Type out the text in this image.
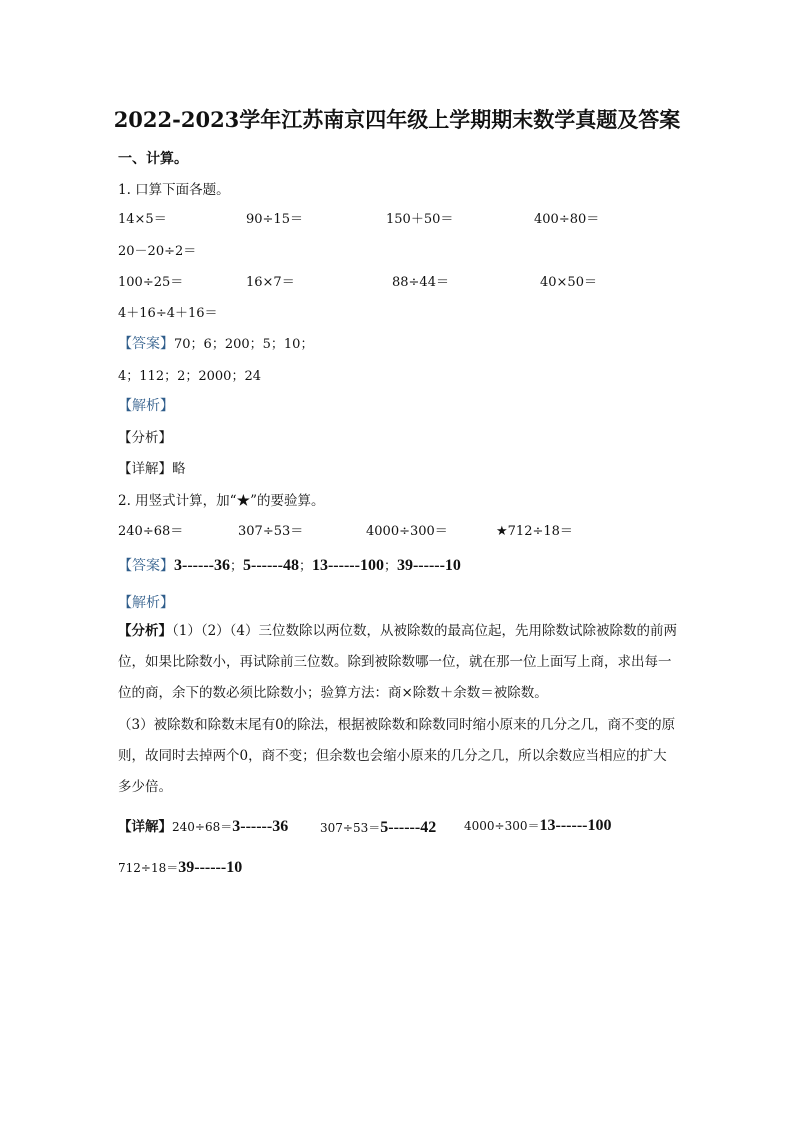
2022-2023学年江苏南京四年级上学期期末数学真题及答案
一、计算。
1. 口算下面各题。
14×5＝	90÷15＝	150＋50＝	400÷80＝
20－20÷2＝
100÷25＝	16×7＝	88÷44＝	40×50＝
4＋16÷4＋16＝
【答案】70；6；200；5；10；
4；112；2；2000；24
【解析】
【分析】
【详解】略
2. 用竖式计算，加“★”的要验算。
240÷68＝	307÷53＝	4000÷300＝	★712÷18＝
【答案】3------36；5------48；13------100；39------10
【解析】
【分析】（1）（2）（4）三位数除以两位数，从被除数的最高位起，先用除数试除被除数的前两位，如果比除数小，再试除前三位数。除到被除数哪一位，就在那一位上面写上商，求出每一位的商，余下的数必须比除数小；验算方法：商×除数＋余数＝被除数。
（3）被除数和除数末尾有0的除法，根据被除数和除数同时缩小原来的几分之几，商不变的原则，故同时去掉两个0，商不变；但余数也会缩小原来的几分之几，所以余数应当相应的扩大多少倍。
【详解】240÷68＝3------36	307÷53＝5------42 4000÷300＝13------100
712÷18＝39------10
